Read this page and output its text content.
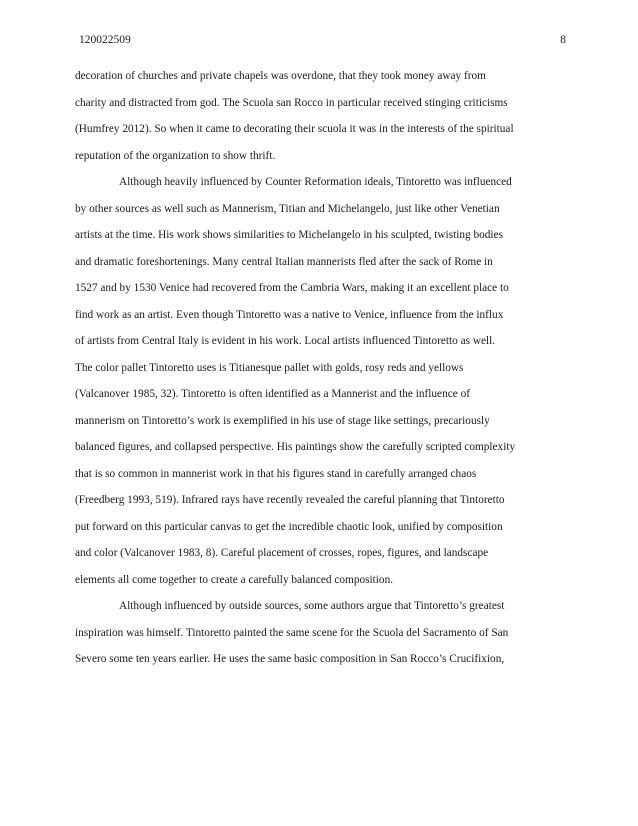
120022509	8
decoration of churches and private chapels was overdone, that they took money away from
charity and distracted from god. The Scuola san Rocco in particular received stinging criticisms
(Humfrey 2012). So when it came to decorating their scuola it was in the interests of the spiritual
reputation of the organization to show thrift.
Although heavily influenced by Counter Reformation ideals, Tintoretto was influenced
by other sources as well such as Mannerism, Titian and Michelangelo, just like other Venetian
artists at the time. His work shows similarities to Michelangelo in his sculpted, twisting bodies
and dramatic foreshortenings. Many central Italian mannerists fled after the sack of Rome in
1527 and by 1530 Venice had recovered from the Cambria Wars, making it an excellent place to
find work as an artist. Even though Tintoretto was a native to Venice, influence from the influx
of artists from Central Italy is evident in his work. Local artists influenced Tintoretto as well.
The color pallet Tintoretto uses is Titianesque pallet with golds, rosy reds and yellows
(Valcanover 1985, 32). Tintoretto is often identified as a Mannerist and the influence of
mannerism on Tintoretto’s work is exemplified in his use of stage like settings, precariously
balanced figures, and collapsed perspective. His paintings show the carefully scripted complexity
that is so common in mannerist work in that his figures stand in carefully arranged chaos
(Freedberg 1993, 519). Infrared rays have recently revealed the careful planning that Tintoretto
put forward on this particular canvas to get the incredible chaotic look, unified by composition
and color (Valcanover 1983, 8). Careful placement of crosses, ropes, figures, and landscape
elements all come together to create a carefully balanced composition.
Although influenced by outside sources, some authors argue that Tintoretto’s greatest
inspiration was himself. Tintoretto painted the same scene for the Scuola del Sacramento of San
Severo some ten years earlier. He uses the same basic composition in San Rocco’s Crucifixion,
